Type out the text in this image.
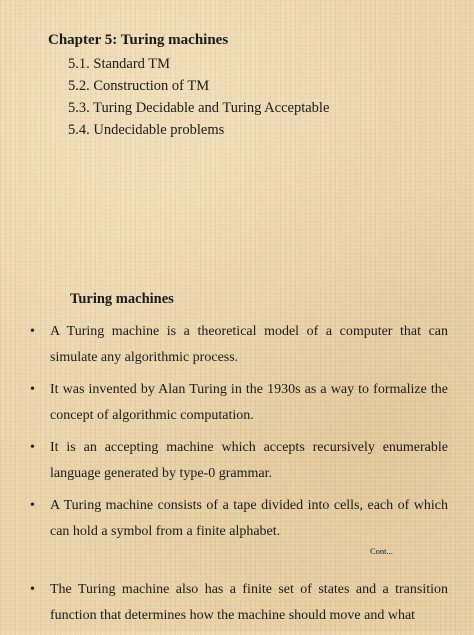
Chapter 5: Turing machines
5.1. Standard TM
5.2. Construction of TM
5.3. Turing Decidable and Turing Acceptable
5.4. Undecidable problems
Turing machines
• A Turing machine is a theoretical model of a computer that can simulate any algorithmic process.
• It was invented by Alan Turing in the 1930s as a way to formalize the concept of algorithmic computation.
• It is an accepting machine which accepts recursively enumerable language generated by type-0 grammar.
• A Turing machine consists of a tape divided into cells, each of which can hold a symbol from a finite alphabet.
Cont...
• The Turing machine also has a finite set of states and a transition function that determines how the machine should move and what
